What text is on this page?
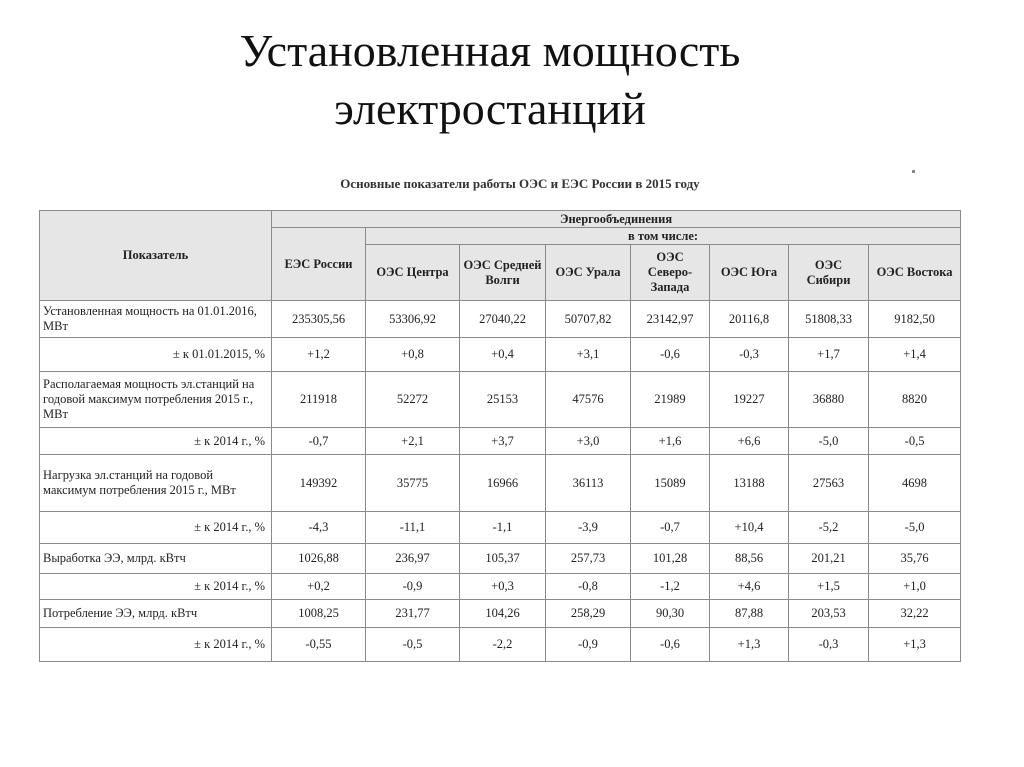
Установленная мощность
электростанций
Основные показатели работы ОЭС и ЕЭС России в 2015 году
Показатель	Энергообъединения							
	ЕЭС России	в том числе:						
		ОЭС Центра	ОЭС Средней Волги	ОЭС Урала	ОЭС Северо-Запада	ОЭС Юга	ОЭС Сибири	ОЭС Востока
Установленная мощность на 01.01.2016, МВт	235305,56	53306,92	27040,22	50707,82	23142,97	20116,8	51808,33	9182,50
± к 01.01.2015, %	+1,2	+0,8	+0,4	+3,1	-0,6	-0,3	+1,7	+1,4
Располагаемая мощность эл.станций на годовой максимум потребления 2015 г., МВт	211918	52272	25153	47576	21989	19227	36880	8820
± к 2014 г., %	-0,7	+2,1	+3,7	+3,0	+1,6	+6,6	-5,0	-0,5
Нагрузка эл.станций на годовой максимум потребления 2015 г., МВт	149392	35775	16966	36113	15089	13188	27563	4698
± к 2014 г., %	-4,3	-11,1	-1,1	-3,9	-0,7	+10,4	-5,2	-5,0
Выработка ЭЭ, млрд. кВтч	1026,88	236,97	105,37	257,73	101,28	88,56	201,21	35,76
± к 2014 г., %	+0,2	-0,9	+0,3	-0,8	-1,2	+4,6	+1,5	+1,0
Потребление ЭЭ, млрд. кВтч	1008,25	231,77	104,26	258,29	90,30	87,88	203,53	32,22
± к 2014 г., %	-0,55	-0,5	-2,2	-0,9	-0,6	+1,3	-0,3	+1,3
